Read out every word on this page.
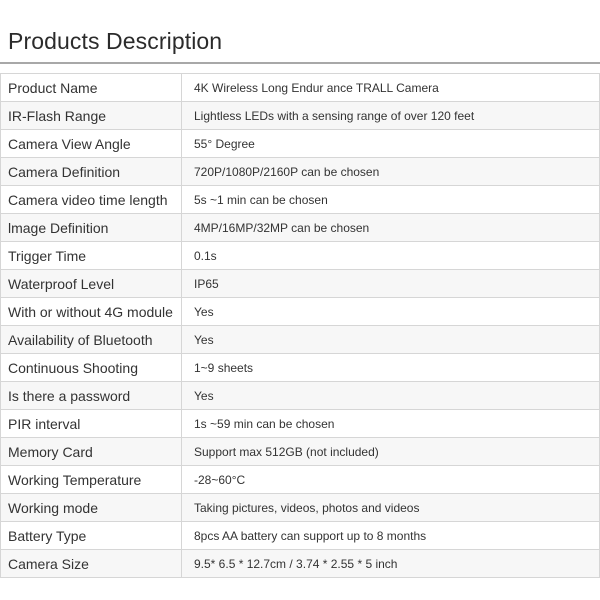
Products Description
Product Name	4K Wireless Long Endur ance TRALL Camera
IR-Flash Range	Lightless LEDs with a sensing range of over 120 feet
Camera View Angle	55° Degree
Camera Definition	720P/1080P/2160P can be chosen
Camera video time length	5s ~1 min can be chosen
lmage Definition	4MP/16MP/32MP can be chosen
Trigger Time	0.1s
Waterproof Level	IP65
With or without 4G module	Yes
Availability of Bluetooth	Yes
Continuous Shooting	1~9 sheets
Is there a password	Yes
PIR interval	1s ~59 min can be chosen
Memory Card	Support max 512GB (not included)
Working Temperature	-28~60°C
Working mode	Taking pictures, videos, photos and videos
Battery Type	8pcs AA battery can support up to 8 months
Camera Size	9.5* 6.5 * 12.7cm / 3.74 * 2.55 * 5 inch
